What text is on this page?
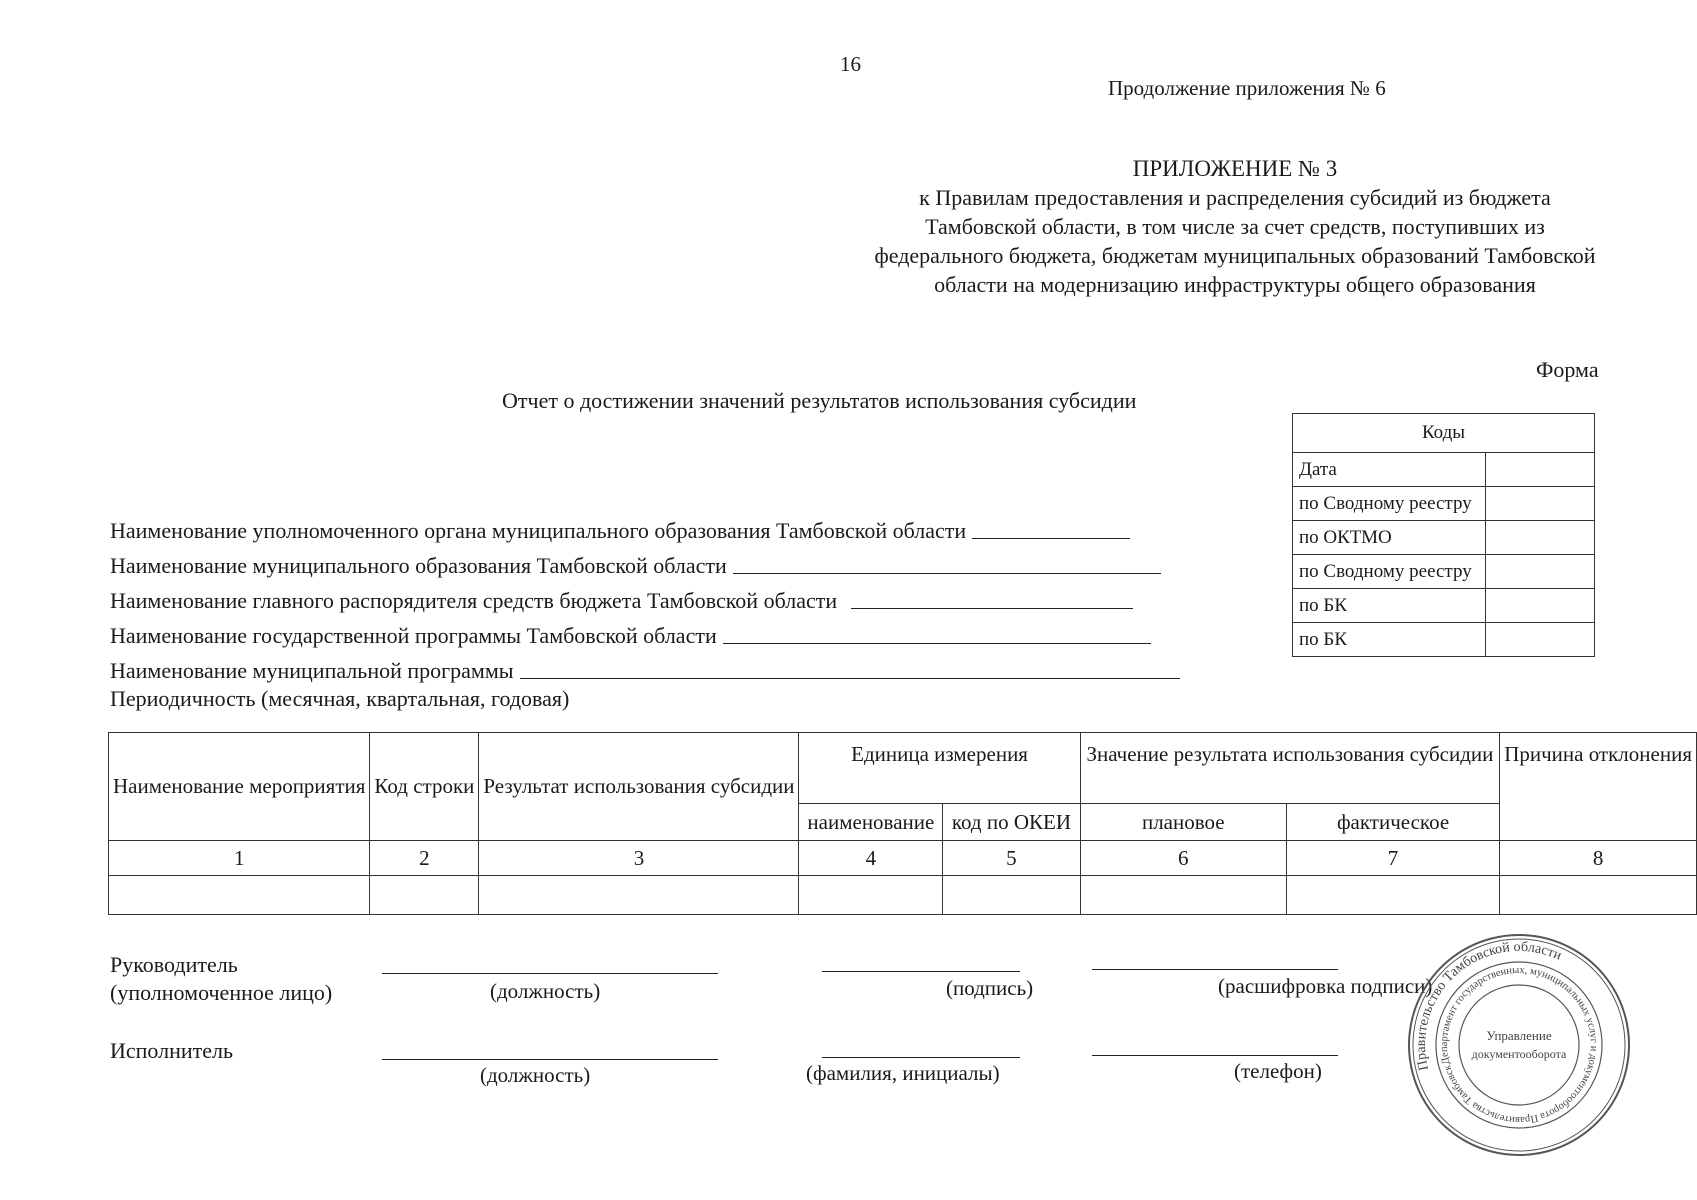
16
Продолжение приложения № 6
ПРИЛОЖЕНИЕ № 3
к Правилам предоставления и распределения субсидий из бюджета
Тамбовской области, в том числе за счет средств, поступивших из
федерального бюджета, бюджетам муниципальных образований Тамбовской
области на модернизацию инфраструктуры общего образования
Форма
Отчет о достижении значений результатов использования субсидии
Коды	
Дата	
по Сводному реестру	
по ОКТМО	
по Сводному реестру	
по БК	
по БК	
Наименование уполномоченного органа муниципального образования Тамбовской области
Наименование муниципального образования Тамбовской области
Наименование главного распорядителя средств бюджета Тамбовской области
Наименование государственной программы Тамбовской области
Наименование муниципальной программы
Периодичность (месячная, квартальная, годовая)
Наименование мероприятия	Код строки	Результат использования субсидии	Единица измерения		Значение результата использования субсидии		Причина отклонения
			наименование	код по ОКЕИ	плановое	фактическое	
1	2	3	4	5	6	7	8

Руководитель
(уполномоченное лицо)	(должность)	(подпись)	(расшифровка подписи)
Исполнитель
(должность)	(фамилия, инициалы)	(телефон)	Правительство Тамбовской области
Департамент государственных, муниципальных услуг и документооборота Правительства Тамбовской
Управление
документооборота
